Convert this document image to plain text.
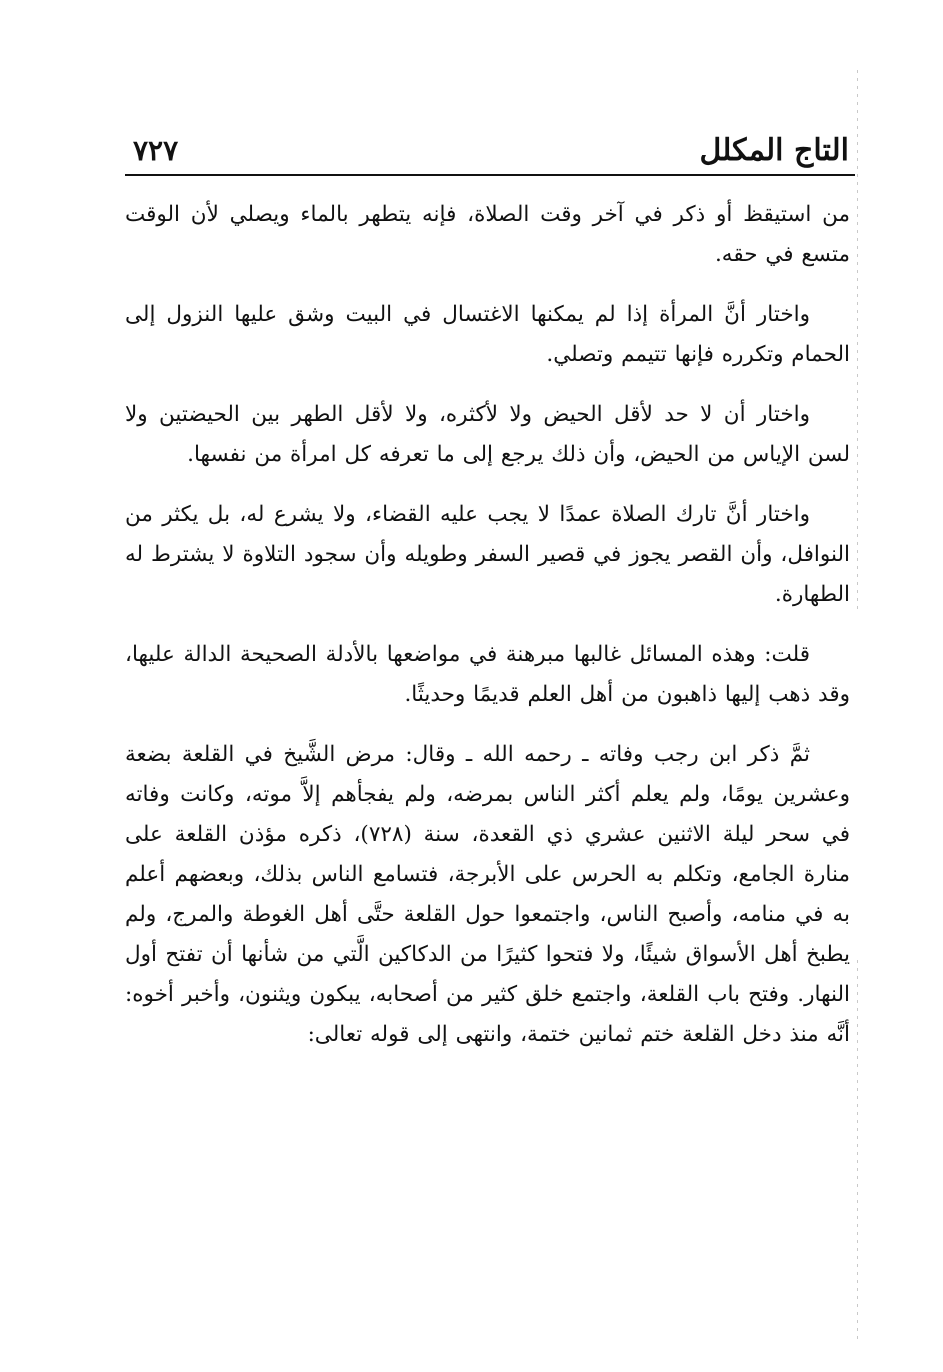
التاج المكلل
٧٢٧

من استيقظ أو ذكر في آخر وقت الصلاة، فإنه يتطهر بالماء ويصلي لأن الوقت متسع في حقه.

واختار أنَّ المرأة إذا لم يمكنها الاغتسال في البيت وشق عليها النزول إلى الحمام وتكرره فإنها تتيمم وتصلي.

واختار أن لا حد لأقل الحيض ولا لأكثره، ولا لأقل الطهر بين الحيضتين ولا لسن الإياس من الحيض، وأن ذلك يرجع إلى ما تعرفه كل امرأة من نفسها.

واختار أنَّ تارك الصلاة عمدًا لا يجب عليه القضاء، ولا يشرع له، بل يكثر من النوافل، وأن القصر يجوز في قصير السفر وطويله وأن سجود التلاوة لا يشترط له الطهارة.

قلت: وهذه المسائل غالبها مبرهنة في مواضعها بالأدلة الصحيحة الدالة عليها، وقد ذهب إليها ذاهبون من أهل العلم قديمًا وحديثًا.

ثمَّ ذكر ابن رجب وفاته ـ رحمه الله ـ وقال: مرض الشَّيخ في القلعة بضعة وعشرين يومًا، ولم يعلم أكثر الناس بمرضه، ولم يفجأهم إلاَّ موته، وكانت وفاته في سحر ليلة الاثنين عشري ذي القعدة، سنة (٧٢٨)، ذكره مؤذن القلعة على منارة الجامع، وتكلم به الحرس على الأبرجة، فتسامع الناس بذلك، وبعضهم أعلم به في منامه، وأصبح الناس، واجتمعوا حول القلعة حتَّى أهل الغوطة والمرج، ولم يطبخ أهل الأسواق شيئًا، ولا فتحوا كثيرًا من الدكاكين الَّتي من شأنها أن تفتح أول النهار. وفتح باب القلعة، واجتمع خلق كثير من أصحابه، يبكون ويثنون، وأخبر أخوه: أنَّه منذ دخل القلعة ختم ثمانين ختمة، وانتهى إلى قوله تعالى:
